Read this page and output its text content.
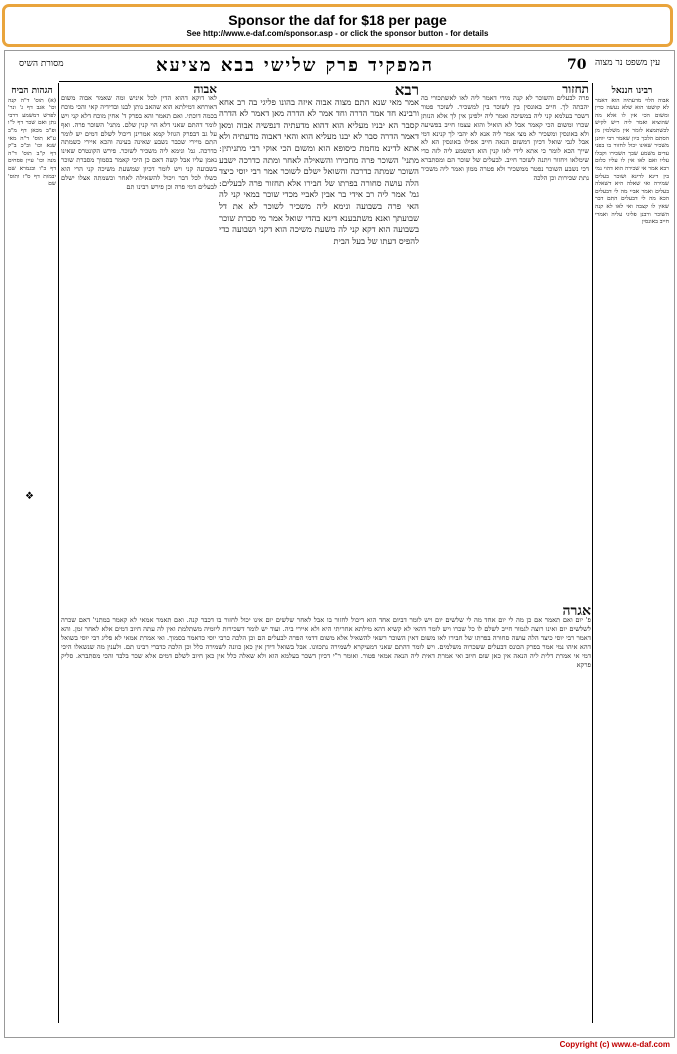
Sponsor the daf for $18 per page
See http://www.e-daf.com/sponsor.asp - or click the sponsor button - for details
עין משפט נר מצוה
70
המפקיד פרק שלישי בבא מציעא
מסורת השיס
רבינו חננאל
אבוה הלוי מדעתיה הוא דאמר לא קושטו הוא שלא נעשה כדין ומשום הכי אין לו אלא מה שהוציא ואמר ליה ריש לקיש לכשתמצא לומר אין משלמין מן הסתם הלכך כיון שאמר רבי יוחנן משכיר שאינו יכול לחזור בו בפני עדים משמע שכך השכירו וקבלו עליו ואם לאו אין לו עליו כלום רבא אמר אי שכירה הוא דהוי נמי בין דינא לדינא ושוכר בעלים שמירה ואי שאלה היא דשאלה בעלים ואמר אביי מה לי דבעלים הכא מה לי דבעלים התם דבר שאין לו קצבה ואי לאו לא קנה השוכר ורבנן פליגי עליה ואמרי חייב באונסין
תחזור
פרה לבעלים והשוכר לא קנה מידי דאמר ליה לאו לאשתכורי בה יהבתה לך. חייב באונסין בין לשוכר בין למשכיר. לשוכר פטור דשכר בעלמא קני ליה במשיכה ואמר ליה ילפינן אין לך אלא הנותן שכרו ומשום הכי קאמר אבל לא הואיל והוא עצמו חייב בפשיעה ולא באונסין ומשכיר לא מצי אמר ליה אנא לא יהבי לך קנינא דמי אבל לגבי שואל דכיון דמשום הנאה חייב אפילו באונסין הא לא שייך הכא לומר כי אתא לידי לאו קנין הוא דמשמע ליה לזה כדי שימלאו ויחזור ויתנה לשוכר חייב. לבעלים של שוכר הם ומסתברא דכי נשבע השוכר נפטר ממשכיר ולא פטרה ממון ואמר ליה משכיר נתת שכירות וכן הלכה
רבא
אמר מאי שנא התם מצוה אבוה איזה בהונו פליגי בה רב אחא ורבינא חד אמר הדרה וחד אמר לא הדרה מאן דאמר לא הדרה קסבר הא יבניו מעליא הוא דהוא מדעתיה דנפשיה אבוה ומאן דאמר הדרה סבר לא יבנו מעליא הוא והאי דאבוה מדעתיה ולא אתא לדינא מחמת כיסופא הוא ומשום הכי אוקי רבי מתניתין: מתני' השוכר פרה מחבירו והשאילה לאחר ומתה כדרכה ישבע השוכר שמתה כדרכה והשואל ישלם לשוכר אמר רבי יוסי כיצד הלה עושה סחורה בפרתו של חבירו אלא תחזור פרה לבעלים: גמ' אמר ליה רב אידי בר אבין לאביי מכדי שוכר במאי קני לה האי פרה בשבועה ונימא ליה משכיר לשוכר לא את דל שבועתך ואנא משתבענא דינא בהדי שואל אמר מי סברת שוכר בשבועה הוא דקא קני לה משעת משיכה הוא דקני ושבועה כדי להפיס דעתו של בעל הבית
אבוה
לאו דוקא דהוא הדין לכל איניש ומה שאמר אבוה משום דאורחא דמילתא הוא שהאב נותן לבנו ובדידיה קאי והכי מוכח בכמה דוכתי. ואם תאמר והא בפרק ד' אחין מוכח דלא קני ויש לומר דהתם שאני דלא הוי קנין שלם. מתני' השוכר פרה. ואף על גב דבפרק הגוזל קמא אמרינן דיכול לשלם דמים יש לומר התם מיירי שכבר נשבע שאינה בעינה והכא איירי כשמתה כדרכה. גמ' ונימא ליה משכיר לשוכר. פירש הקונטרס שאינו נאמן עליו אבל קשה דאם כן היכי קאמר בסמוך מסברת שוכר בשבועה קני ויש לומר דכיון שמשעת משיכה קני הרי הוא כשלו לכל דבר ויכול להשאילה לאחר וכשמתה אצלו ישלם לבעלים דמי פרה וכן פירש רבינו תם
אגרה
פ' יום ואם תאמר אם כן מה לי יום אחד מה לי שלשים יום ויש לומר דביום אחד הוא דיכול לחזור בו אבל לאחר שלשים יום אינו יכול לחזור בו דכבר קנה. ואם תאמר אמאי לא קאמר במתני' דאם שכרה לשלשים יום ואינו רוצה לגמור חייב לשלם לו כל שכרו ויש לומר דהאי לא קשיא דהא מילתא אחריתי היא ולא איירי ביה. ועוד יש לומר דשכירות ליומיה משתלמת ואין לה עתה חיוב דמים אלא לאחר זמן. והא דאמר רבי יוסי כיצד הלה עושה סחורה בפרתו של חבירו לאו משום דאין השוכר רשאי להשאיל אלא משום דדמי הפרה לבעלים הם וכן הלכה כרבי יוסי כדאמר בסמוך. ואי אמרת אמאי לא פליג רבי יוסי בשואל דהא איהו נמי אמר בפרק הכונס דבעלים ששכרוה משלמים. ויש לומר דהתם שאני דמעיקרא לשמירה נתכוונו. אבל בשואל דידן אין כאן כוונה לשמירה כלל וכן הלכה כדברי רבינו תם. ולענין מה שנשאלו היכי דמי אי אמרת דלית ליה הנאה אין כאן שום חיוב ואי אמרת דאית ליה הנאה אמאי פטור. ואומר ר"י דכיון דשכר בעלמא הוא ולא שאלה כלל אין כאן חיוב לשלם דמים אלא שכר בלבד והכי מסתברא. סליק פרקא
הגהות הביח
(א) תוס' ד"ה קנה וכו' אגב דף ג' ונר' לפרש דמשמע דרבי נתן ואם שכר דף ל"ו ופ"ב מכאן דף מ"ב ע"א תוס' ד"ה מאי שנא וכו' וכ"כ ב"ק דף ק"ב תוס' ד"ה מנה וכו' עיין פסחים דף כ"ו ובגמרא שם יבמות דף ס"ז ותוס' שם
❖
Copyright (c) www.e-daf.com
